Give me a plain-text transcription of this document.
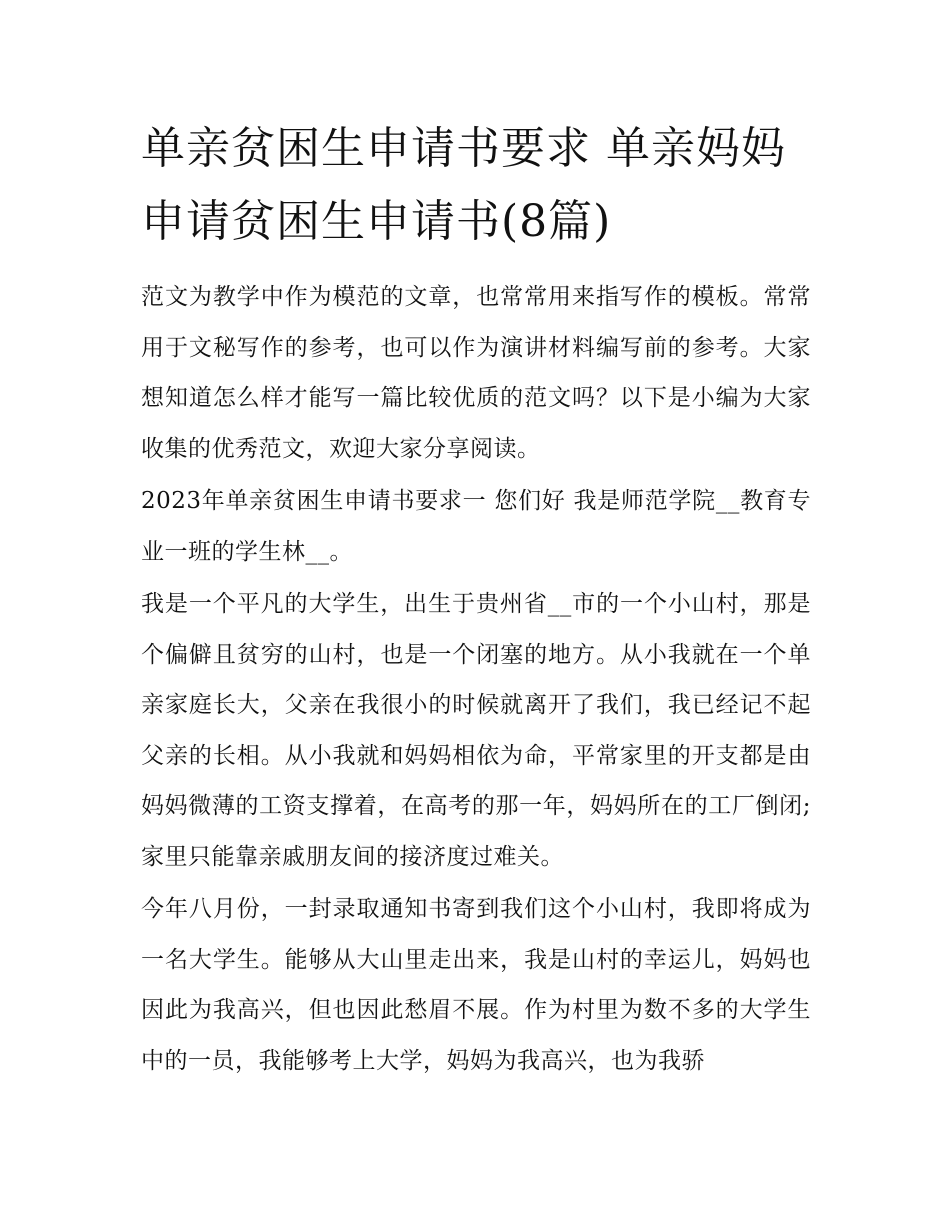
单亲贫困生申请书要求 单亲妈妈申请贫困生申请书(8篇)

范文为教学中作为模范的文章，也常常用来指写作的模板。常常用于文秘写作的参考，也可以作为演讲材料编写前的参考。大家想知道怎么样才能写一篇比较优质的范文吗？以下是小编为大家收集的优秀范文，欢迎大家分享阅读。

2023年单亲贫困生申请书要求一 您们好 我是师范学院__教育专业一班的学生林__。

我是一个平凡的大学生，出生于贵州省__市的一个小山村，那是个偏僻且贫穷的山村，也是一个闭塞的地方。从小我就在一个单亲家庭长大，父亲在我很小的时候就离开了我们，我已经记不起父亲的长相。从小我就和妈妈相依为命，平常家里的开支都是由妈妈微薄的工资支撑着，在高考的那一年，妈妈所在的工厂倒闭;家里只能靠亲戚朋友间的接济度过难关。

今年八月份，一封录取通知书寄到我们这个小山村，我即将成为一名大学生。能够从大山里走出来，我是山村的幸运儿，妈妈也因此为我高兴，但也因此愁眉不展。作为村里为数不多的大学生中的一员，我能够考上大学，妈妈为我高兴，也为我骄
